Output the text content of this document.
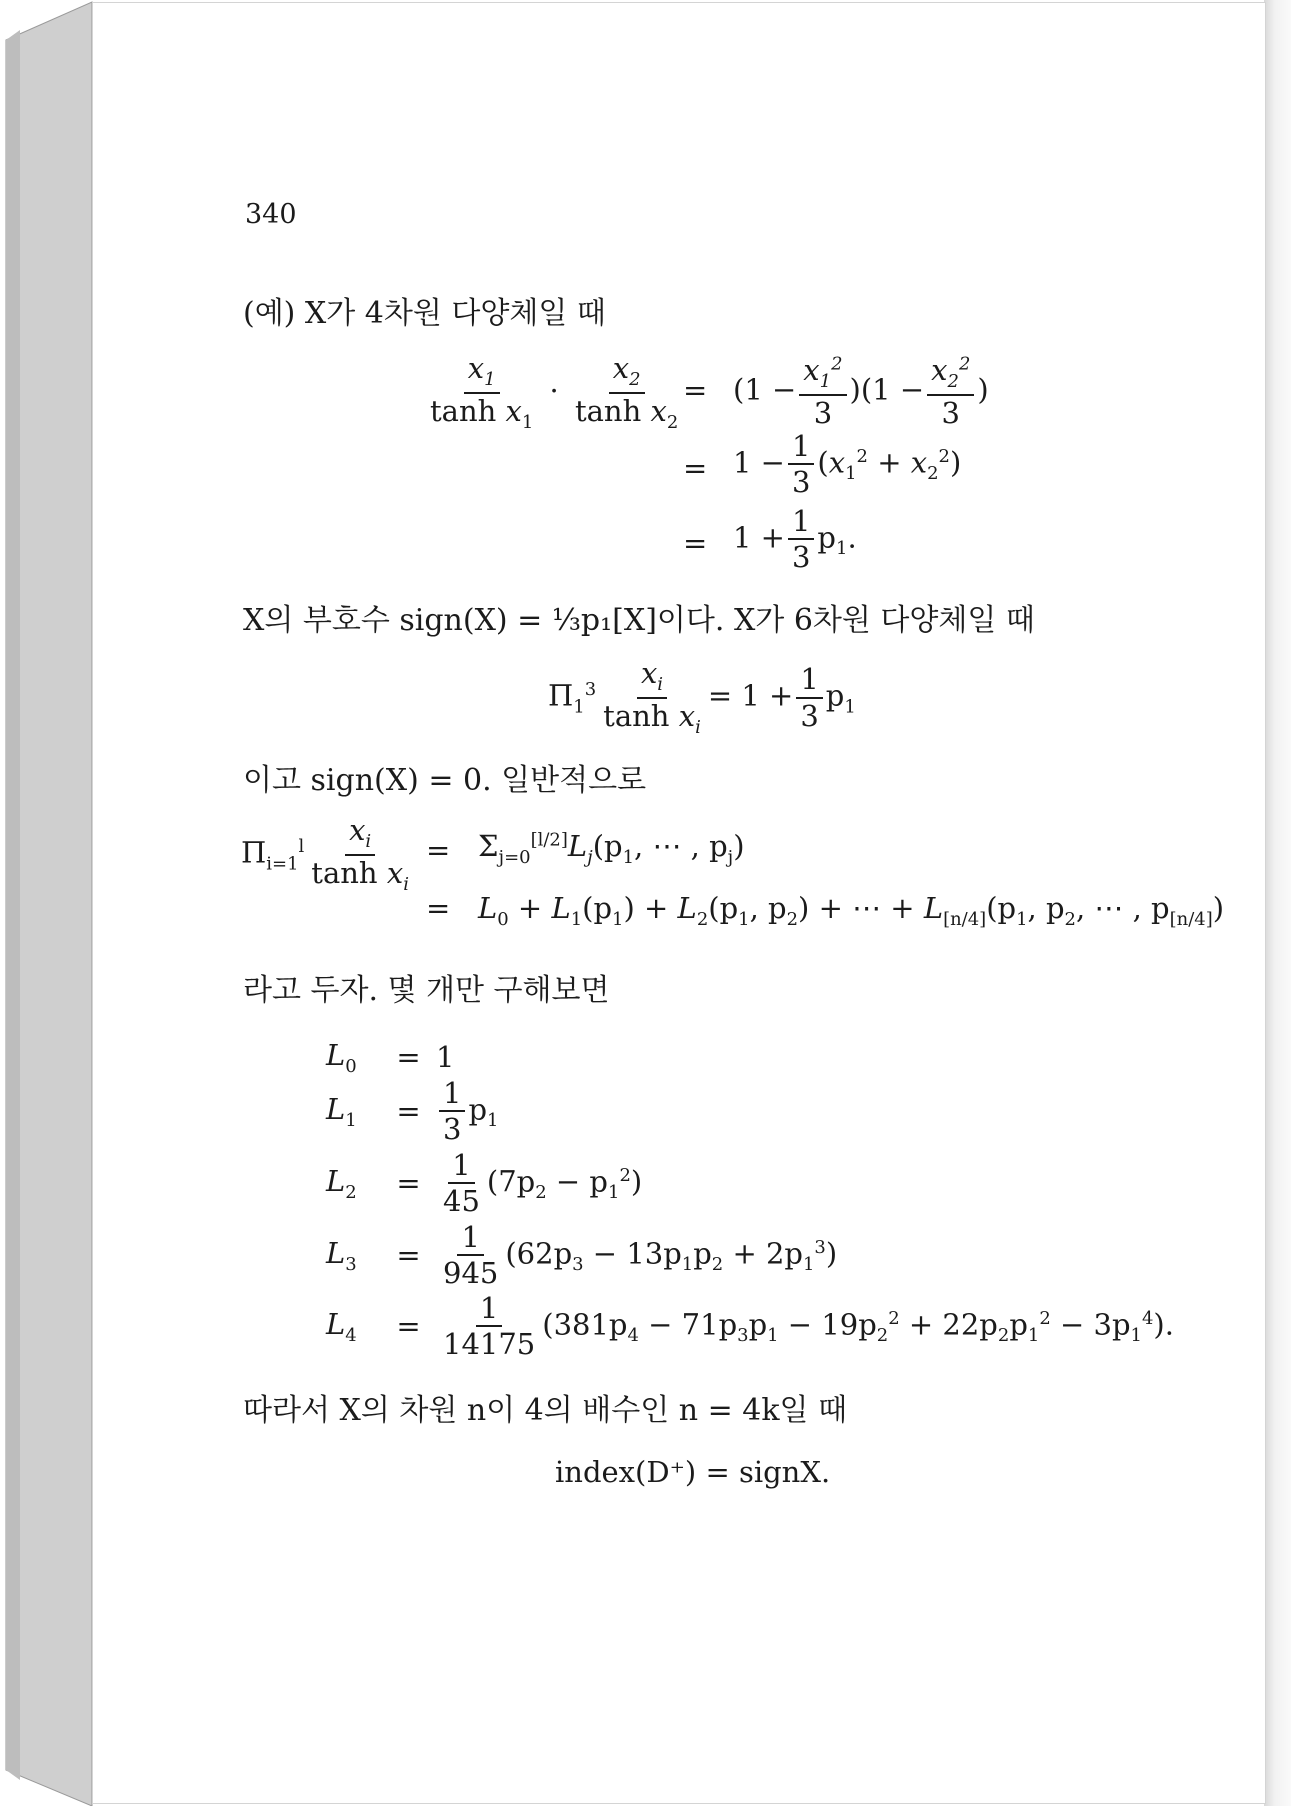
340
(예) X가 4차원 다양체일 때
$\frac{x_1}{\tanh x_1} \cdot \frac{x_2}{\tanh x_2} = (1 - \frac{x_1^2}{3} )(1 - \frac{x_2^2}{3}$ )
= $1 - \frac{1}{3} (x_1^2 + x_2^2)$
= $1 + \frac{1}{3} p_1$.
X의 부호수 sign(X) = ⅓p₁[X]이다. X가 6차원 다양체일 때
$\Pi_1^3 \frac{x_i}{\tanh x_i} = 1 + \frac{1}{3} p_1$
이고 sign(X) = 0. 일반적으로
$\Pi_{i=1}^l \frac{x_i}{\tanh x_i} = \Sigma_{j=0}[l/2]L_j(p_1$, ⋯ , $p_j$)
= $L_0 + L_1(p_1) + L_2(p_1$, $p_2$) + ⋯ + $L_{[n/4]}(p_1$, $p_2$, ⋯ , $p_{[n/4]}$)
라고 두자. 몇 개만 구해보면
$L_0$	= 1
$L_1$	= $\frac{1}{3} p_1$
$L_2$	= $\frac{1}{45} (7p_2 - p_1^2)$
$L_3$	= $\frac{1}{945} (62p_3 - 13p_1p_2 + 2p_1^3)$
$L_4$	= $\frac{1}{14175} (381p_4 - 71p_3p_1 - 19p_2^2 + 22p_2p_1^2 - 3p_1^4)$.
따라서 X의 차원 n이 4의 배수인 n = 4k일 때
index(D⁺) = signX.
